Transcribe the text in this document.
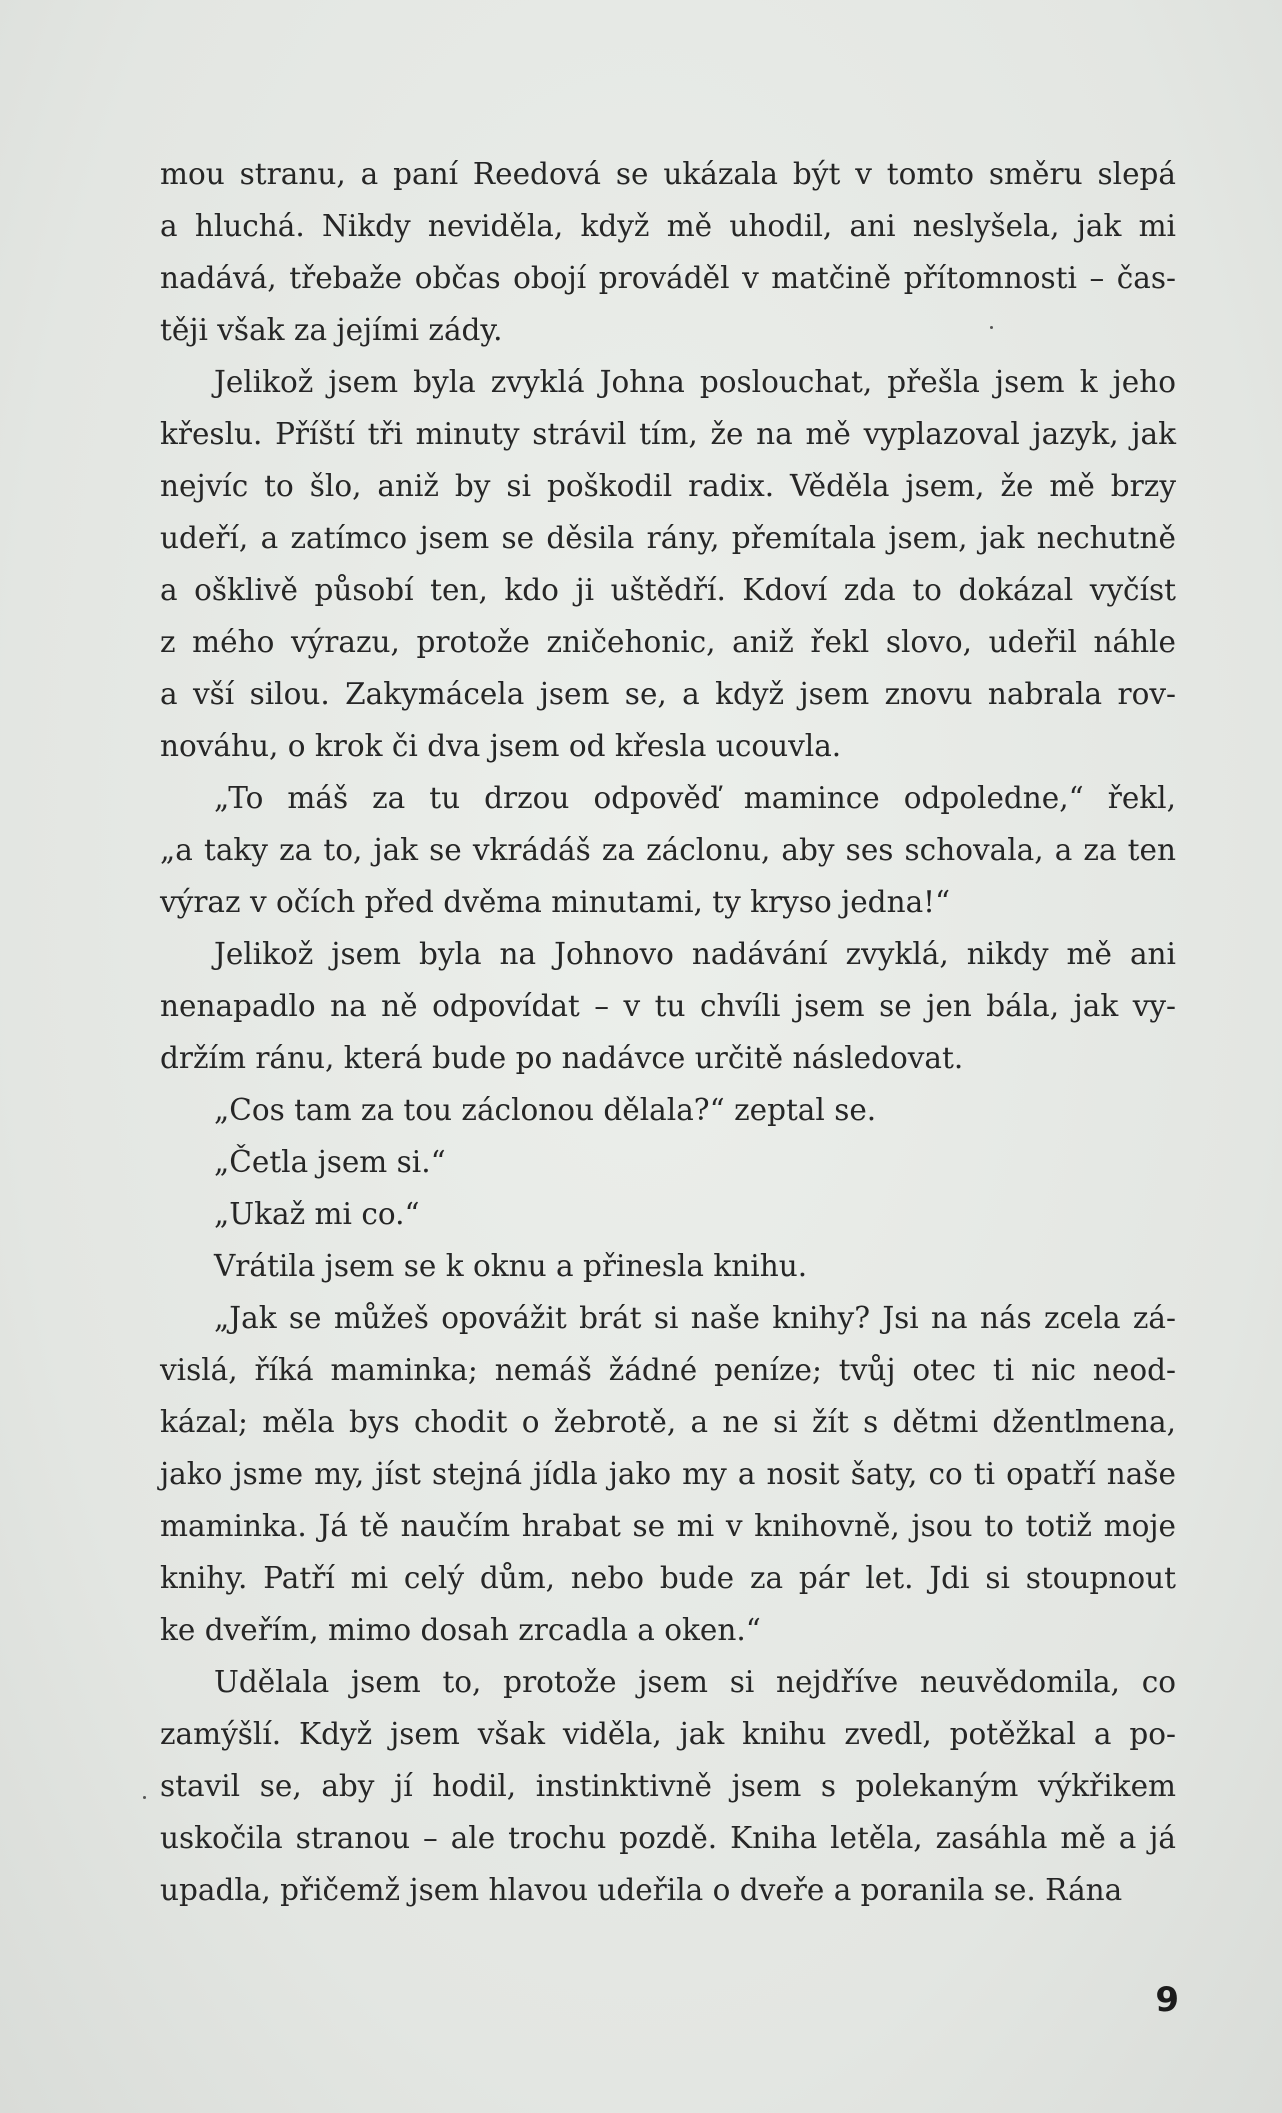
mou stranu, a paní Reedová se ukázala být v tomto směru slepá
a hluchá. Nikdy neviděla, když mě uhodil, ani neslyšela, jak mi
nadává, třebaže občas obojí prováděl v matčině přítomnosti – čas-
těji však za jejími zády.
Jelikož jsem byla zvyklá Johna poslouchat, přešla jsem k jeho
křeslu. Příští tři minuty strávil tím, že na mě vyplazoval jazyk, jak
nejvíc to šlo, aniž by si poškodil radix. Věděla jsem, že mě brzy
udeří, a zatímco jsem se děsila rány, přemítala jsem, jak nechutně
a ošklivě působí ten, kdo ji uštědří. Kdoví zda to dokázal vyčíst
z mého výrazu, protože zničehonic, aniž řekl slovo, udeřil náhle
a vší silou. Zakymácela jsem se, a když jsem znovu nabrala rov-
nováhu, o krok či dva jsem od křesla ucouvla.
„To máš za tu drzou odpověď mamince odpoledne,“ řekl,
„a taky za to, jak se vkrádáš za záclonu, aby ses schovala, a za ten
výraz v očích před dvěma minutami, ty kryso jedna!“
Jelikož jsem byla na Johnovo nadávání zvyklá, nikdy mě ani
nenapadlo na ně odpovídat – v tu chvíli jsem se jen bála, jak vy-
držím ránu, která bude po nadávce určitě následovat.
„Cos tam za tou záclonou dělala?“ zeptal se.
„Četla jsem si.“
„Ukaž mi co.“
Vrátila jsem se k oknu a přinesla knihu.
„Jak se můžeš opovážit brát si naše knihy? Jsi na nás zcela zá-
vislá, říká maminka; nemáš žádné peníze; tvůj otec ti nic neod-
kázal; měla bys chodit o žebrotě, a ne si žít s dětmi džentlmena,
jako jsme my, jíst stejná jídla jako my a nosit šaty, co ti opatří naše
maminka. Já tě naučím hrabat se mi v knihovně, jsou to totiž moje
knihy. Patří mi celý dům, nebo bude za pár let. Jdi si stoupnout
ke dveřím, mimo dosah zrcadla a oken.“
Udělala jsem to, protože jsem si nejdříve neuvědomila, co
zamýšlí. Když jsem však viděla, jak knihu zvedl, potěžkal a po-
stavil se, aby jí hodil, instinktivně jsem s polekaným výkřikem
uskočila stranou – ale trochu pozdě. Kniha letěla, zasáhla mě a já
upadla, přičemž jsem hlavou udeřila o dveře a poranila se. Rána
9
